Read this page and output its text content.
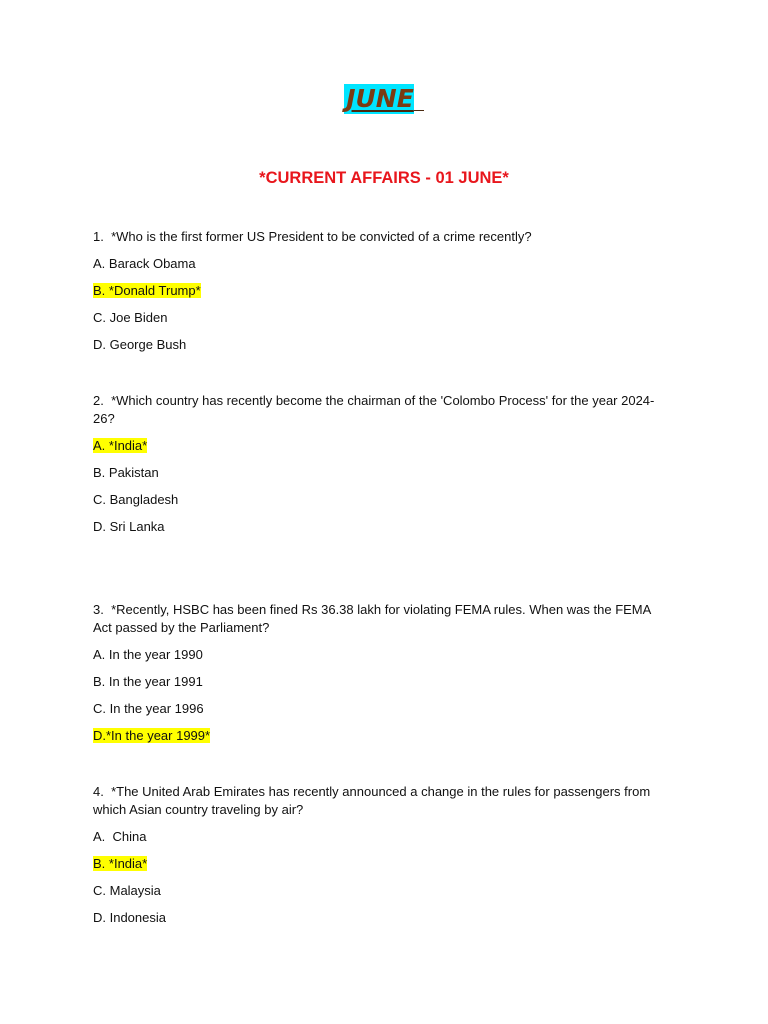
JUNE
*CURRENT AFFAIRS - 01 JUNE*

1. *Who is the first former US President to be convicted of a crime recently?

A. Barack Obama

B. *Donald Trump*

C. Joe Biden

D. George Bush

2. *Which country has recently become the chairman of the 'Colombo Process' for the year 2024-26?

A. *India*

B. Pakistan

C. Bangladesh

D. Sri Lanka

3. *Recently, HSBC has been fined Rs 36.38 lakh for violating FEMA rules. When was the FEMA Act passed by the Parliament?

A. In the year 1990

B. In the year 1991

C. In the year 1996

D.*In the year 1999*

4. *The United Arab Emirates has recently announced a change in the rules for passengers from which Asian country traveling by air?

A.  China

B. *India*

C. Malaysia

D. Indonesia
